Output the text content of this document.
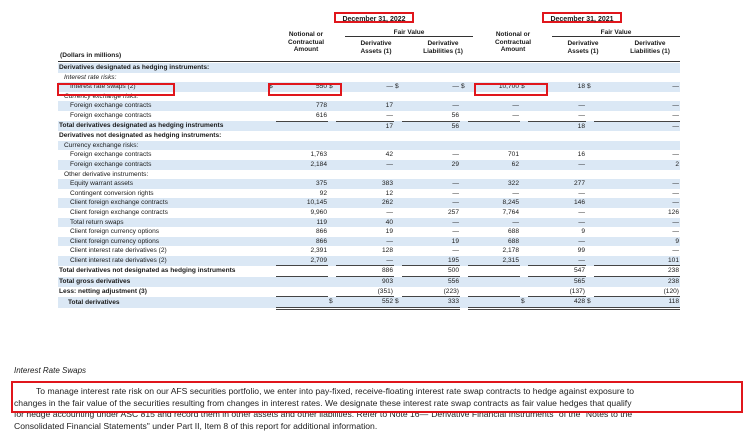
December 31, 2022	December 31, 2021
Notional or
Contractual
Amount
Fair Value
Derivative
Assets (1)
Derivative
Liabilities (1)
Notional or
Contractual
Amount
Fair Value
Derivative
Assets (1)
Derivative
Liabilities (1)
(Dollars in millions)
Derivatives designated as hedging instruments:												
Interest rate risks:												
Interest rate swaps (2)	$	550	$	—	$	—	$	10,700	$	18	$	—
Currency exchange risks:												
Foreign exchange contracts		778		17		—		—		—		—
Foreign exchange contracts		616		—		56		—		—		—
Total derivatives designated as hedging instruments				17		56				18		—
Derivatives not designated as hedging instruments:												
Currency exchange risks:												
Foreign exchange contracts		1,763		42		—		701		16		—
Foreign exchange contracts		2,184		—		29		62		—		2
Other derivative instruments:												
Equity warrant assets		375		383		—		322		277		—
Contingent conversion rights		92		12		—		—		—		—
Client foreign exchange contracts		10,145		262		—		8,245		146		—
Client foreign exchange contracts		9,960		—		257		7,764		—		126
Total return swaps		119		40		—		—		—		—
Client foreign currency options		866		19		—		688		9		—
Client foreign currency options		866		—		19		688		—		9
Client interest rate derivatives (2)		2,391		128		—		2,178		99		—
Client interest rate derivatives (2)		2,709		—		195		2,315		—		101
Total derivatives not designated as hedging instruments				886		500				547		238
Total gross derivatives				903		556				565		238
Less: netting adjustment (3)				(351)		(223)				(137)		(120)
Total derivatives			$	552	$	333			$	428	$	118
Interest Rate Swaps
To manage interest rate risk on our AFS securities portfolio, we enter into pay-fixed, receive-floating interest rate swap contracts to hedge against exposure to
changes in the fair value of the securities resulting from changes in interest rates. We designate these interest rate swap contracts as fair value hedges that qualify
for hedge accounting under ASC 815 and record them in other assets and other liabilities. Refer to Note 16—"Derivative Financial Instruments" of the "Notes to the
Consolidated Financial Statements" under Part II, Item 8 of this report for additional information.
